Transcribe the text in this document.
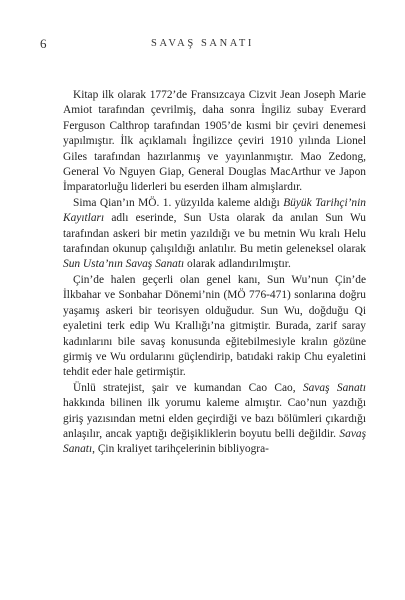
6	SAVAŞ SANATI

Kitap ilk olarak 1772’de Fransızcaya Cizvit Jean Joseph Marie Amiot tarafından çevrilmiş, daha sonra İngiliz subay Everard Ferguson Calthrop tarafından 1905’de kısmi bir çeviri denemesi yapılmıştır. İlk açıklamalı İngilizce çeviri 1910 yılında Lionel Giles tarafından hazırlanmış ve yayınlanmıştır. Mao Zedong, General Vo Nguyen Giap, General Douglas MacArthur ve Japon İmparatorluğu liderleri bu eserden ilham almışlardır.

Sima Qian’ın MÖ. 1. yüzyılda kaleme aldığı Büyük Tarihçi’nin Kayıtları adlı eserinde, Sun Usta olarak da anılan Sun Wu tarafından askeri bir metin yazıldığı ve bu metnin Wu kralı Helu tarafından okunup çalışıldığı anlatılır. Bu metin geleneksel olarak Sun Usta’nın Savaş Sanatı olarak adlandırılmıştır.

Çin’de halen geçerli olan genel kanı, Sun Wu’nun Çin’de İlkbahar ve Sonbahar Dönemi’nin (MÖ 776-471) sonlarına doğru yaşamış askeri bir teorisyen olduğudur. Sun Wu, doğduğu Qi eyaletini terk edip Wu Krallığı’na gitmiştir. Burada, zarif saray kadınlarını bile savaş konusunda eğitebilmesiyle kralın gözüne girmiş ve Wu ordularını güçlendirip, batıdaki rakip Chu eyaletini tehdit eder hale getirmiştir.

Ünlü stratejist, şair ve kumandan Cao Cao, Savaş Sanatı hakkında bilinen ilk yorumu kaleme almıştır. Cao’nun yazdığı giriş yazısından metni elden geçirdiği ve bazı bölümleri çıkardığı anlaşılır, ancak yaptığı değişikliklerin boyutu belli değildir. Savaş Sanatı, Çin kraliyet tarihçelerinin bibliyogra-
